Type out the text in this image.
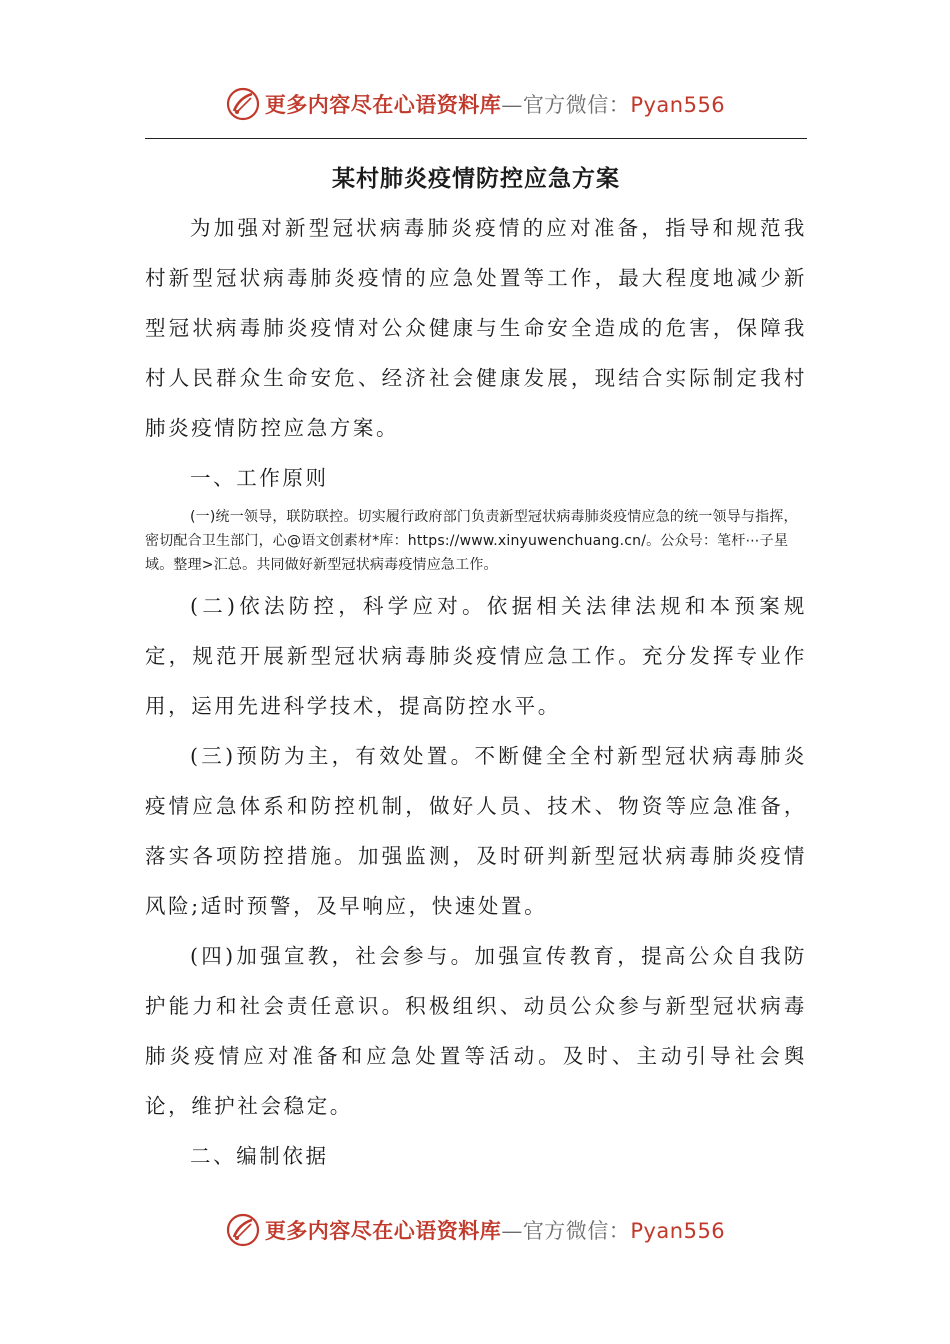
更多内容尽在心语资料库—官方微信：Pyan556
某村肺炎疫情防控应急方案

为加强对新型冠状病毒肺炎疫情的应对准备，指导和规范我村新型冠状病毒肺炎疫情的应急处置等工作，最大程度地减少新型冠状病毒肺炎疫情对公众健康与生命安全造成的危害，保障我村人民群众生命安危、经济社会健康发展，现结合实际制定我村肺炎疫情防控应急方案。

一、工作原则

(一)统一领导，联防联控。切实履行政府部门负责新型冠状病毒肺炎疫情应急的统一领导与指挥，密切配合卫生部门，心@语文创素材*库：https://www.xinyuwenchuang.cn/。公众号：笔杆⋯子星域。整理>汇总。共同做好新型冠状病毒疫情应急工作。

(二)依法防控，科学应对。依据相关法律法规和本预案规定，规范开展新型冠状病毒肺炎疫情应急工作。充分发挥专业作用，运用先进科学技术，提高防控水平。

(三)预防为主，有效处置。不断健全全村新型冠状病毒肺炎疫情应急体系和防控机制，做好人员、技术、物资等应急准备，落实各项防控措施。加强监测，及时研判新型冠状病毒肺炎疫情风险;适时预警，及早响应，快速处置。

(四)加强宣教，社会参与。加强宣传教育，提高公众自我防护能力和社会责任意识。积极组织、动员公众参与新型冠状病毒肺炎疫情应对准备和应急处置等活动。及时、主动引导社会舆论，维护社会稳定。

二、编制依据

更多内容尽在心语资料库—官方微信：Pyan556
